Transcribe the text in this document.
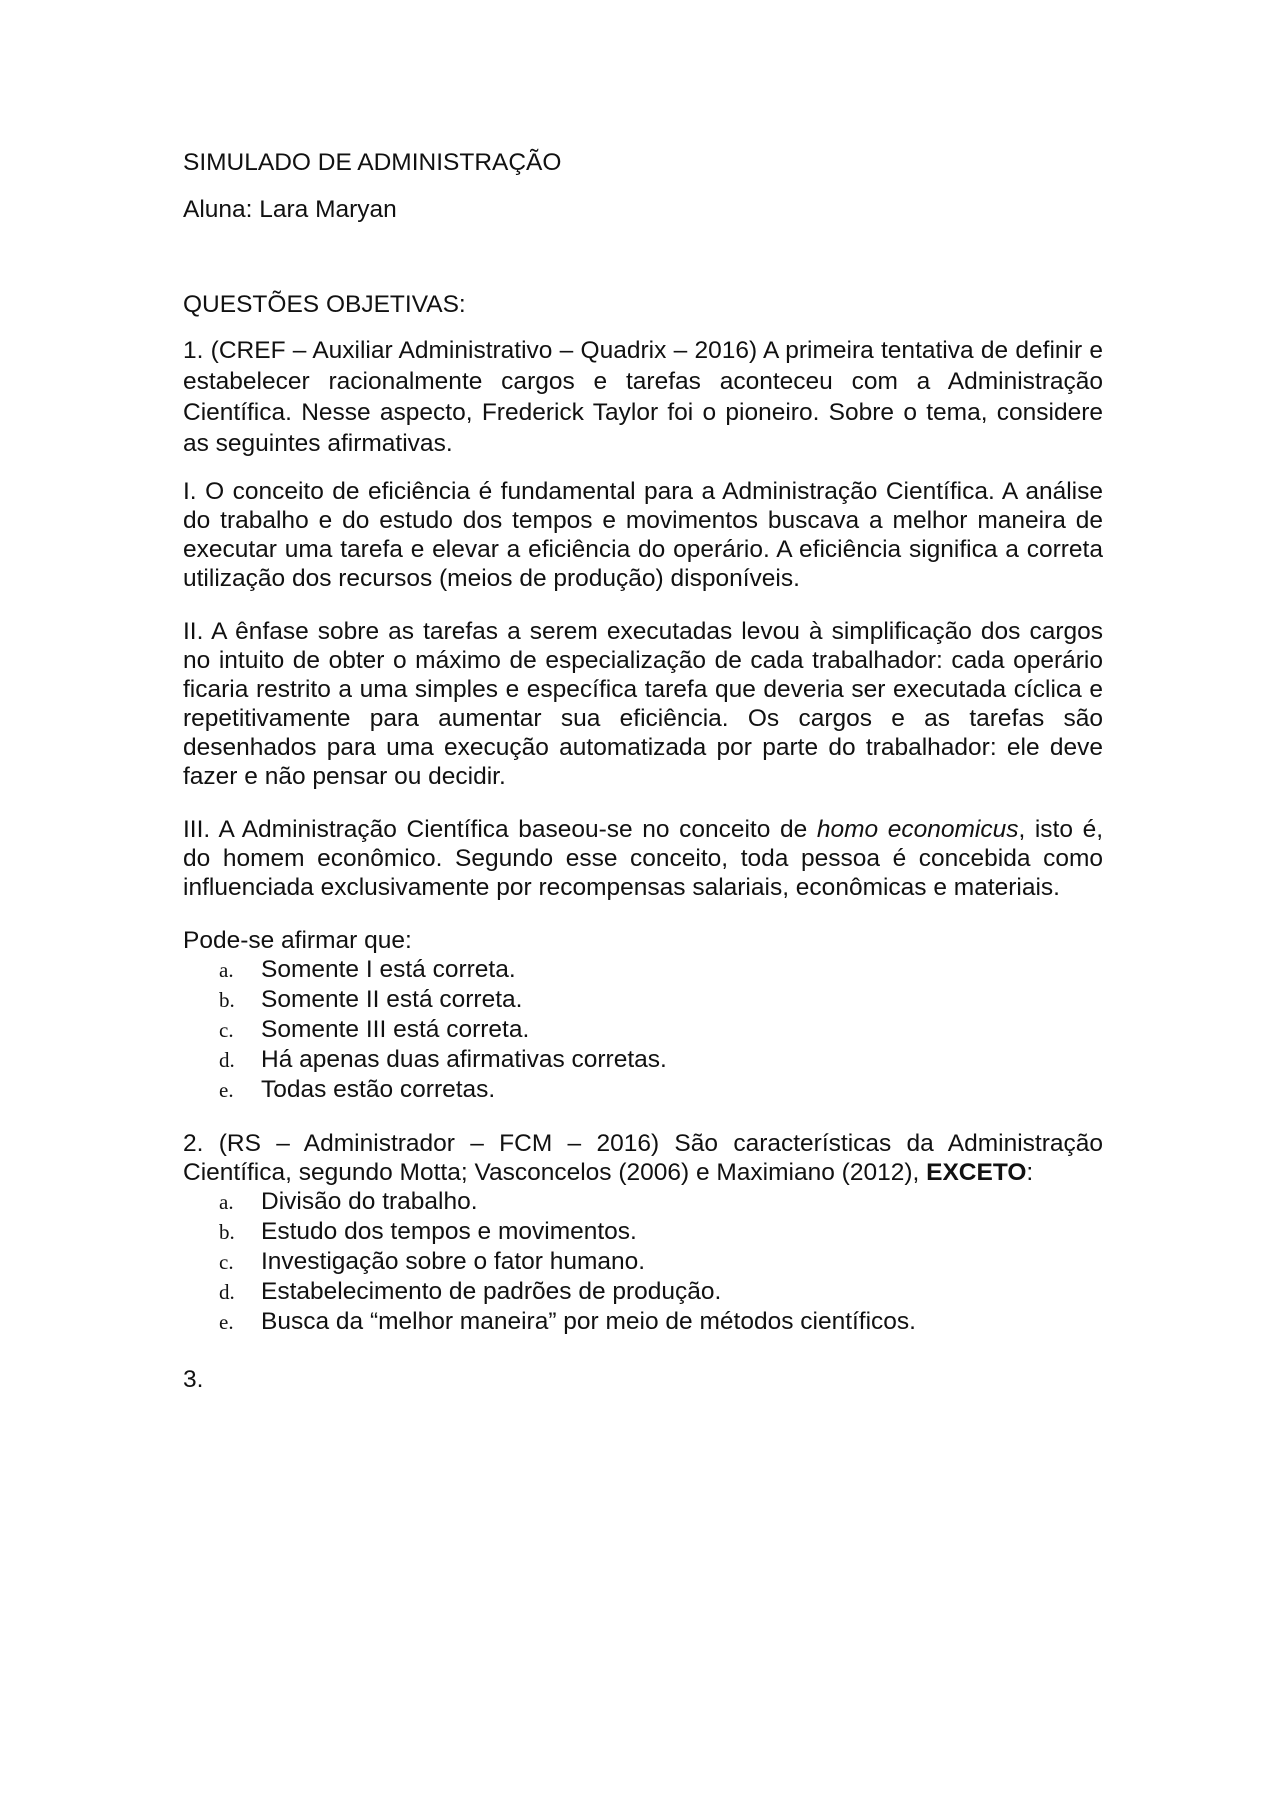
SIMULADO DE ADMINISTRAÇÃO

Aluna: Lara Maryan

QUESTÕES OBJETIVAS:

1. (CREF – Auxiliar Administrativo – Quadrix – 2016) A primeira tentativa de definir e estabelecer racionalmente cargos e tarefas aconteceu com a Administração Científica. Nesse aspecto, Frederick Taylor foi o pioneiro. Sobre o tema, considere as seguintes afirmativas.

I. O conceito de eficiência é fundamental para a Administração Científica. A análise do trabalho e do estudo dos tempos e movimentos buscava a melhor maneira de executar uma tarefa e elevar a eficiência do operário. A eficiência significa a correta utilização dos recursos (meios de produção) disponíveis.

II. A ênfase sobre as tarefas a serem executadas levou à simplificação dos cargos no intuito de obter o máximo de especialização de cada trabalhador: cada operário ficaria restrito a uma simples e específica tarefa que deveria ser executada cíclica e repetitivamente para aumentar sua eficiência. Os cargos e as tarefas são desenhados para uma execução automatizada por parte do trabalhador: ele deve fazer e não pensar ou decidir.

III. A Administração Científica baseou-se no conceito de homo economicus, isto é, do homem econômico. Segundo esse conceito, toda pessoa é concebida como influenciada exclusivamente por recompensas salariais, econômicas e materiais.

Pode-se afirmar que:

a.	Somente I está correta.
b.	Somente II está correta.
c.	Somente III está correta.
d.	Há apenas duas afirmativas corretas.
e.	Todas estão corretas.

2. (RS – Administrador – FCM – 2016) São características da Administração Científica, segundo Motta; Vasconcelos (2006) e Maximiano (2012), EXCETO:

a.	Divisão do trabalho.
b.	Estudo dos tempos e movimentos.
c.	Investigação sobre o fator humano.
d.	Estabelecimento de padrões de produção.
e.	Busca da “melhor maneira” por meio de métodos científicos.

3.
